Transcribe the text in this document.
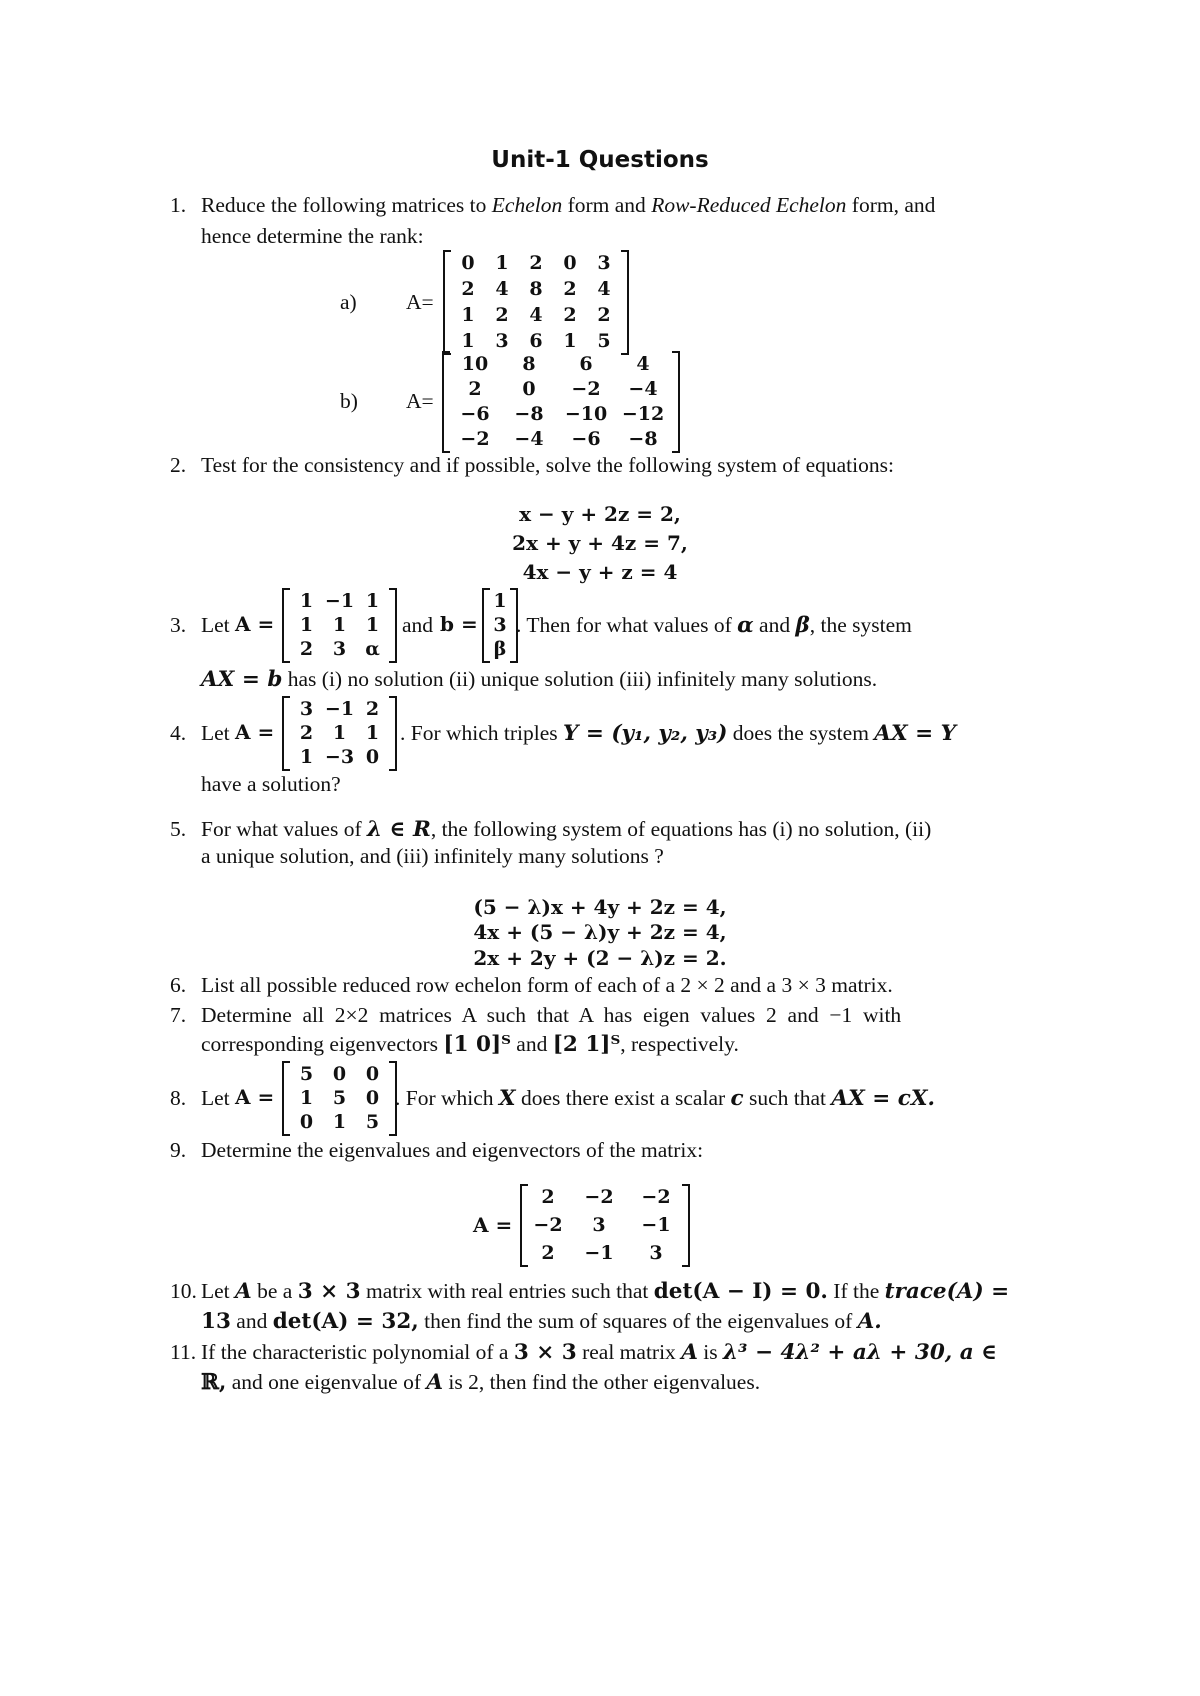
Unit-1 Questions
1. Reduce the following matrices to Echelon form and Row-Reduced Echelon form, and
hence determine the rank:
a) A=
0	1	2	0	3
2	4	8	2	4
1	2	4	2	2
1	3	6	1	5
b) A=
10	8	6	4
2	0	−2	−4
−6	−8	−10 −12
−2	−4	−6	−8
2. Test for the consistency and if possible, solve the following system of equations:
x − y + 2z = 2,
2x + y + 4z = 7,
4x − y + z = 4
3. Let A =
1 −1 1
1	1	1
2	3	α
and b =
1
3
β
. Then for what values of α and β, the system
AX = b has (i) no solution (ii) unique solution (iii) infinitely many solutions.
4. Let A =
3 −1 2
2	1	1
1 −3 0
. For which triples Y = (y₁, y₂, y₃) does the system AX = Y
have a solution?
5. For what values of λ ∈ R, the following system of equations has (i) no solution, (ii)
a unique solution, and (iii) infinitely many solutions ?
(5 − λ)x + 4y + 2z = 4,
4x + (5 − λ)y + 2z = 4,
2x + 2y + (2 − λ)z = 2.
6. List all possible reduced row echelon form of each of a 2 × 2 and a 3 × 3 matrix.
7. Determine  all  2×2  matrices  A  such  that  A  has  eigen  values  2  and  −1  with
corresponding eigenvectors [1 0]ᵀ and [2 1]ᵀ, respectively.
8. Let A =
5	0	0
1	5	0
0	1	5
. For which X does there exist a scalar c such that AX = cX.
9. Determine the eigenvalues and eigenvectors of the matrix:
A =
2	−2	−2
−2	3	−1
2	−1	3
10. Let A be a 3 × 3 matrix with real entries such that det(A − I) = 0. If the trace(A) =
13 and det(A) = 32, then find the sum of squares of the eigenvalues of A.
11. If the characteristic polynomial of a 3 × 3 real matrix A is λ³ − 4λ² + aλ + 30, a ∈
ℝ, and one eigenvalue of A is 2, then find the other eigenvalues.
